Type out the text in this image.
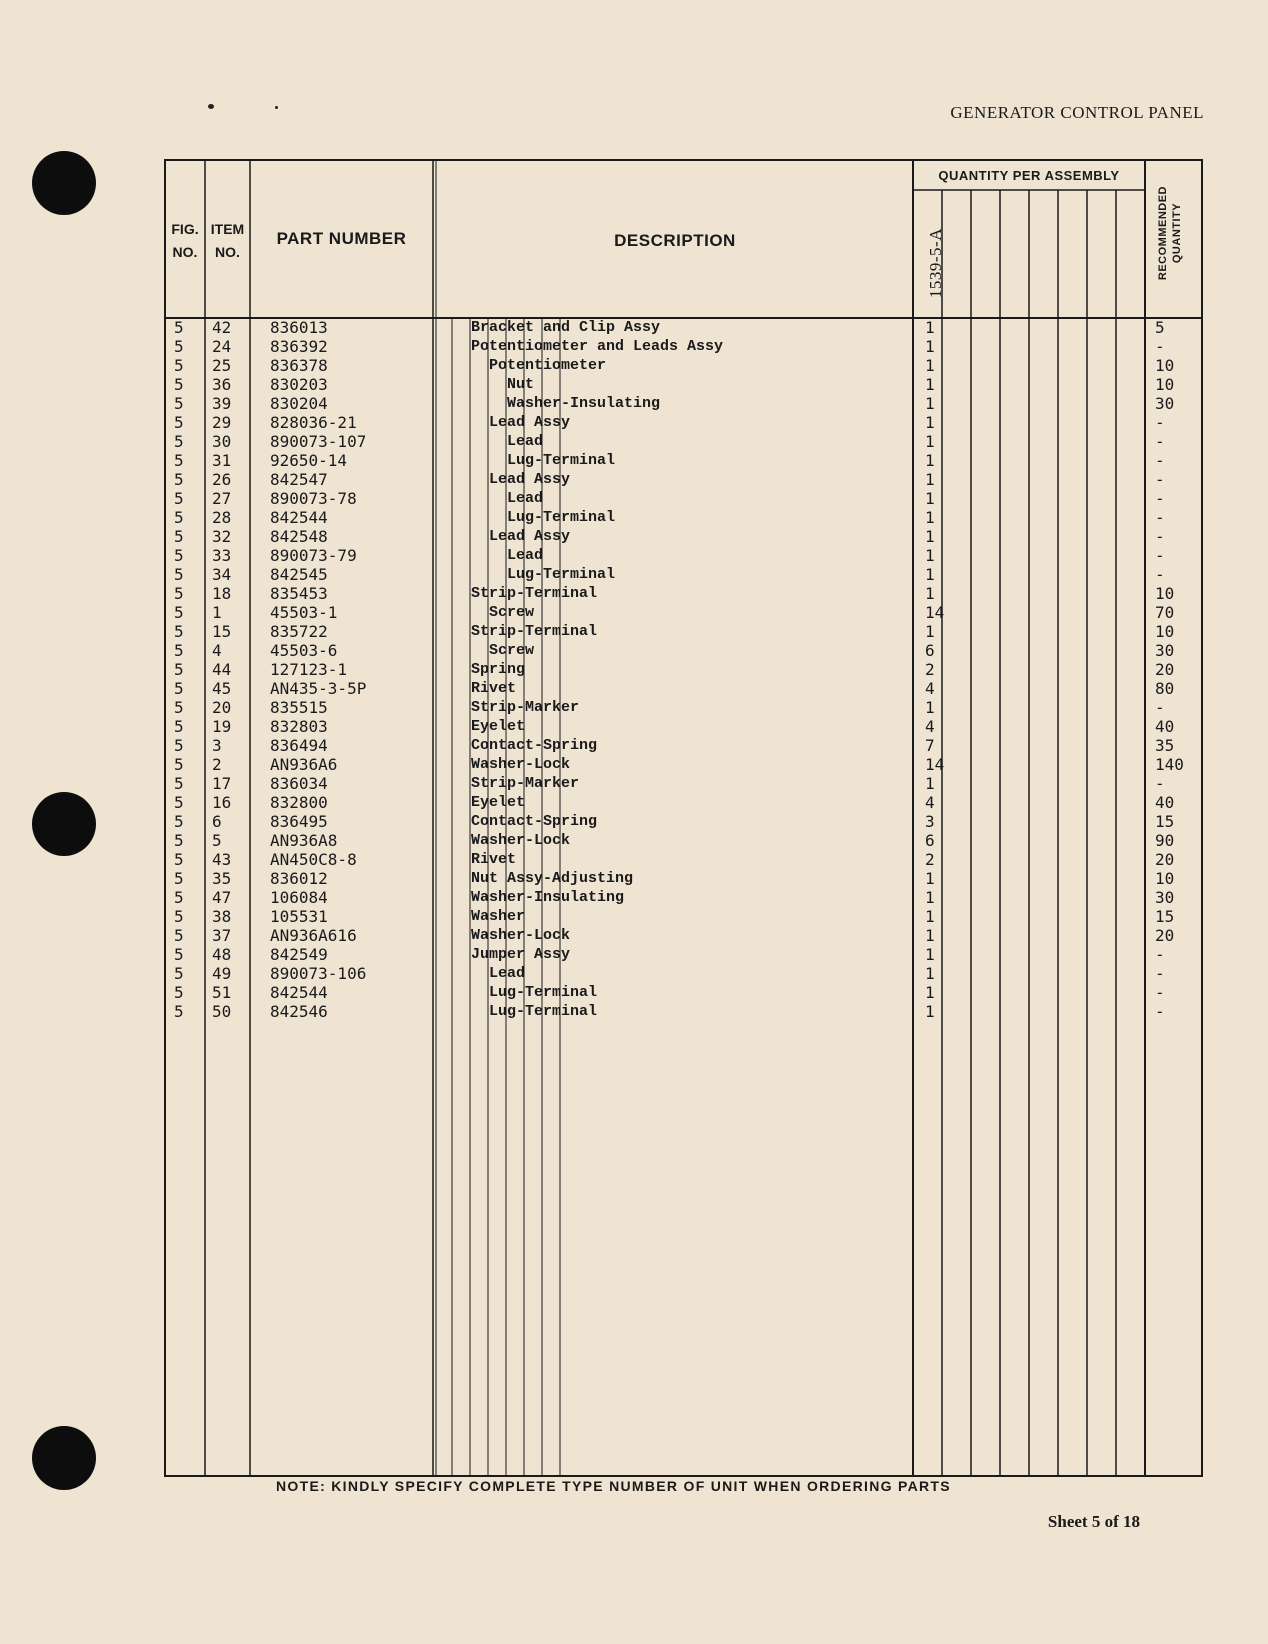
GENERATOR CONTROL PANEL
FIG.
NO.
ITEM
NO.
PART NUMBER	DESCRIPTION
QUANTITY PER ASSEMBLY
1539-5-A	RECOMMENDED QUANTITY
5 42 836013	Bracket and Clip Assy	1	5
5 24 836392	Potentiometer and Leads Assy	1	-
5 25 836378	Potentiometer	1	10
5 36 830203	Nut	1	10
5 39 830204	Washer-Insulating	1	30
5 29 828036-21	Lead Assy	1	-
5 30 890073-107	Lead	1	-
5 31 92650-14	Lug-Terminal	1	-
5 26 842547	Lead Assy	1	-
5 27 890073-78	Lead	1	-
5 28 842544	Lug-Terminal	1	-
5 32 842548	Lead Assy	1	-
5 33 890073-79	Lead	1	-
5 34 842545	Lug-Terminal	1	-
5 18 835453	Strip-Terminal	1	10
5 1	45503-1	Screw	14	70
5 15 835722	Strip-Terminal	1	10
5 4	45503-6	Screw	6	30
5 44 127123-1	Spring	2	20
5 45 AN435-3-5P	Rivet	4	80
5 20 835515	Strip-Marker	1	-
5 19 832803	Eyelet	4	40
5 3	836494	Contact-Spring	7	35
5 2	AN936A6	Washer-Lock	14	140
5 17 836034	Strip-Marker	1	-
5 16 832800	Eyelet	4	40
5 6	836495	Contact-Spring	3	15
5 5	AN936A8	Washer-Lock	6	90
5 43 AN450C8-8	Rivet	2	20
5 35 836012	Nut Assy-Adjusting	1	10
5 47 106084	Washer-Insulating	1	30
5 38 105531	Washer	1	15
5 37 AN936A616	Washer-Lock	1	20
5 48 842549	Jumper Assy	1	-
5 49 890073-106	Lead	1	-
5 51 842544	Lug-Terminal	1	-
5 50 842546	Lug-Terminal	1	-
NOTE: KINDLY SPECIFY COMPLETE TYPE NUMBER OF UNIT WHEN ORDERING PARTS
Sheet 5 of 18
